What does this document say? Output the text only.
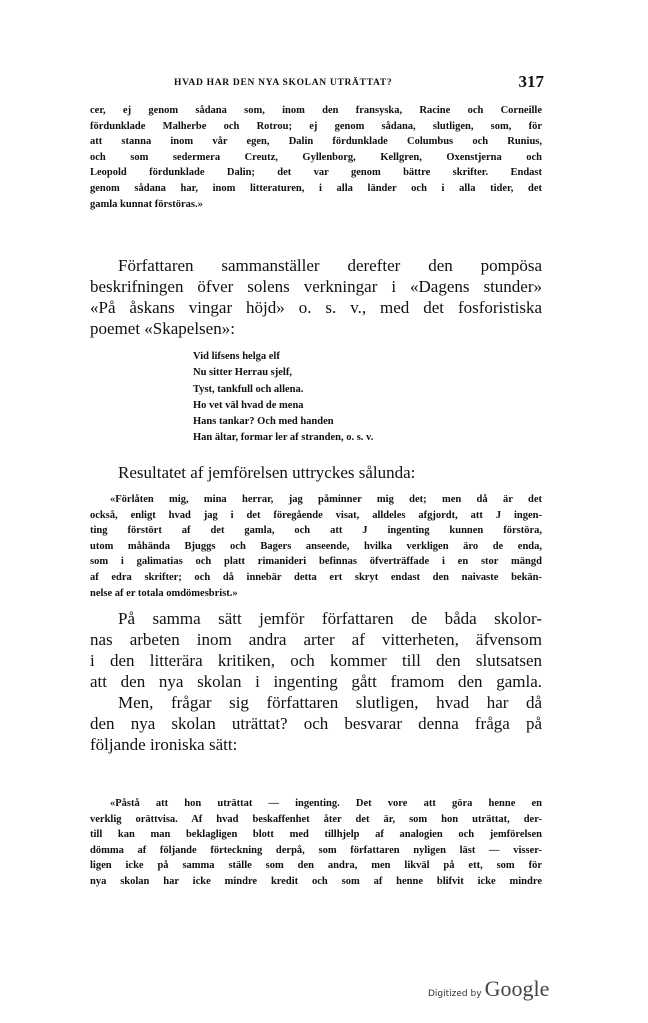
HVAD HAR DEN NYA SKOLAN UTRÄTTAT?	317

cer, ej genom sådana som, inom den fransyska, Racine och Corneille
fördunklade Malherbe och Rotrou; ej genom sådana, slutligen, som, för
att stanna inom vår egen, Dalin fördunklade Columbus och Runius,
och som sedermera Creutz, Gyllenborg, Kellgren, Oxenstjerna och
Leopold fördunklade Dalin; det var genom bättre skrifter. Endast
genom sådana har, inom litteraturen, i alla länder och i alla tider, det
gamla kunnat förstöras.»

Författaren sammanställer derefter den pompösa
beskrifningen öfver solens verkningar i «Dagens stunder»
«På åskans vingar höjd» o. s. v., med det fosforistiska
poemet «Skapelsen»:

Vid lifsens helga elf
Nu sitter Herrau sjelf,
Tyst, tankfull och allena.
Ho vet väl hvad de mena
Hans tankar? Och med handen
Han ältar, formar ler af stranden, o. s. v.

Resultatet af jemförelsen uttryckes sålunda:

«Förlåten mig, mina herrar, jag påminner mig det; men då är det
också, enligt hvad jag i det föregående visat, alldeles afgjordt, att J ingen-
ting förstört af det gamla, och att J ingenting kunnen förstöra,
utom måhända Bjuggs och Bagers anseende, hvilka verkligen äro de enda,
som i galimatias och platt rimanideri befinnas öfverträffade i en stor mängd
af edra skrifter; och då innebär detta ert skryt endast den naivaste bekän-
nelse af er totala omdömesbrist.»

På samma sätt jemför författaren de båda skolor-
nas arbeten inom andra arter af vitterheten, äfvensom
i den litterära kritiken, och kommer till den slutsatsen
att den nya skolan i ingenting gått framom den gamla.
Men, frågar sig författaren slutligen, hvad har då
den nya skolan uträttat? och besvarar denna fråga på
följande ironiska sätt:

«Påstå att hon uträttat — ingenting. Det vore att göra henne en
verklig orättvisa. Af hvad beskaffenhet åter det är, som hon uträttat, der-
till kan man beklagligen blott med tillhjelp af analogien och jemförelsen
dömma af följande förteckning derpå, som författaren nyligen läst — visser-
ligen icke på samma ställe som den andra, men likväl på ett, som för
nya skolan har icke mindre kredit och som af henne blifvit icke mindre

Digitized by Google
